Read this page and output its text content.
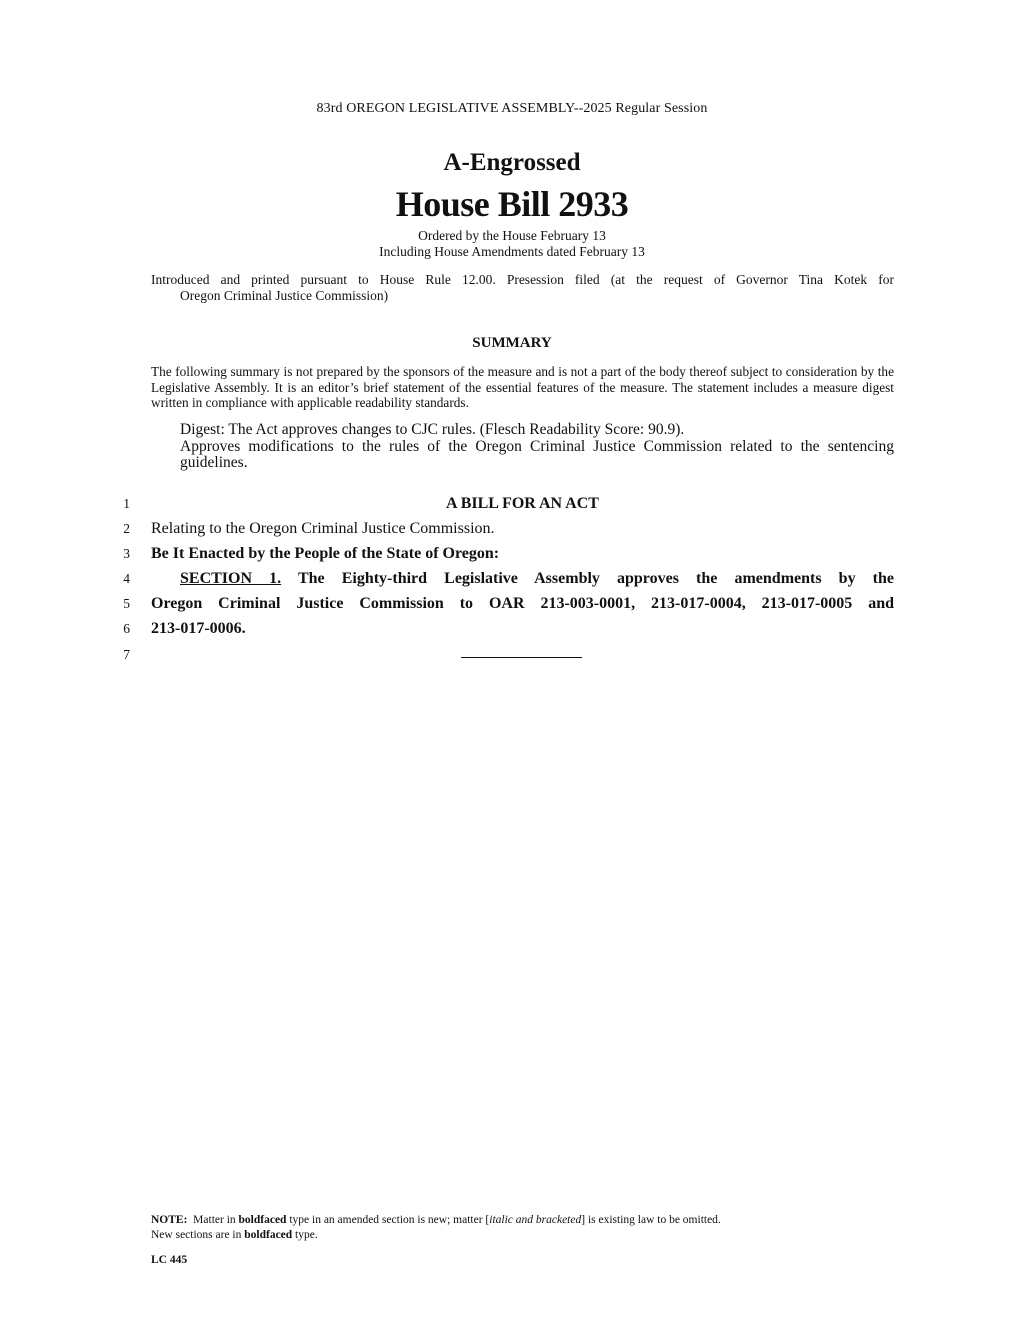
83rd OREGON LEGISLATIVE ASSEMBLY--2025 Regular Session
A-Engrossed
House Bill 2933
Ordered by the House February 13
Including House Amendments dated February 13
Introduced and printed pursuant to House Rule 12.00. Presession filed (at the request of Governor Tina Kotek for
Oregon Criminal Justice Commission)
SUMMARY
The following summary is not prepared by the sponsors of the measure and is not a part of the body thereof subject to consideration by the Legislative Assembly. It is an editor’s brief statement of the essential features of the measure. The statement includes a measure digest written in compliance with applicable readability standards.
Digest: The Act approves changes to CJC rules. (Flesch Readability Score: 90.9).
Approves modifications to the rules of the Oregon Criminal Justice Commission related to the sentencing guidelines.
1
2
3
4
5
6
7
A BILL FOR AN ACT
Relating to the Oregon Criminal Justice Commission.
Be It Enacted by the People of the State of Oregon:
SECTION 1. The Eighty-third Legislative Assembly approves the amendments by the
Oregon Criminal Justice Commission to OAR 213-003-0001, 213-017-0004, 213-017-0005 and
213-017-0006.
NOTE: Matter in boldfaced type in an amended section is new; matter [italic and bracketed] is existing law to be omitted.
New sections are in boldfaced type.
LC 445
